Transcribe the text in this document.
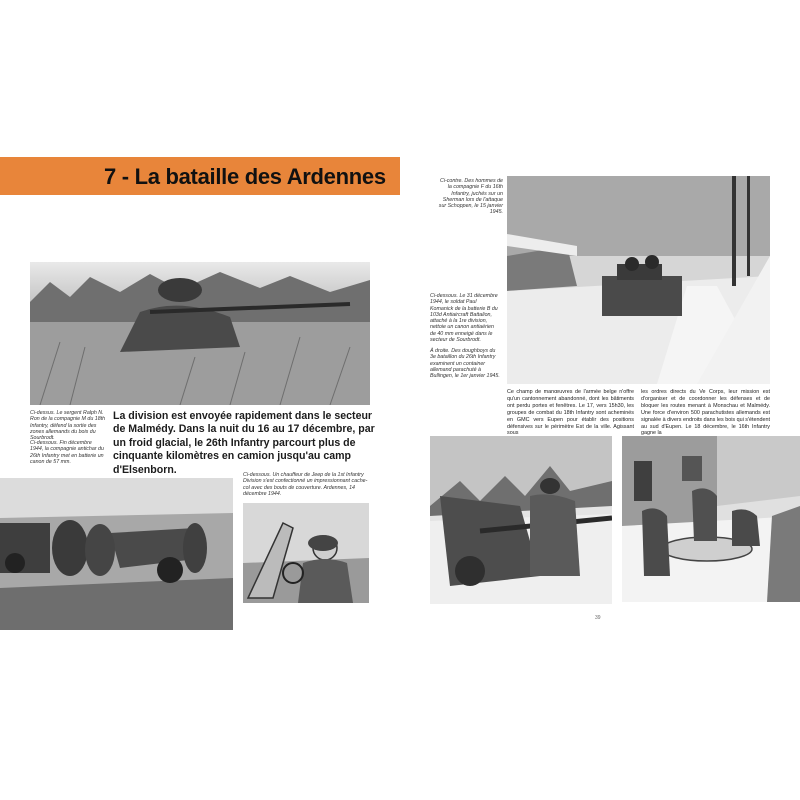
7 - La bataille des Ardennes
Ci-dessus. Le sergent Ralph N. Ron de la compagnie M du 18th Infantry, défend la sortie des zones allemands du bois du Sourbrodt.
La division est envoyée rapidement dans le secteur de Malmédy. Dans la nuit du 16 au 17 décembre, par un froid glacial, le 26th Infantry parcourt plus de cinquante kilomètres en camion jusqu'au camp d'Elsenborn.
Ci-dessous. Fin décembre 1944, la compagnie antichar du 26th Infantry met en batterie un canon de 57 mm.
Ci-dessous. Un chauffeur de Jeep de la 1st Infantry Division s'est confectionné un impressionnant cache-col avec des bouts de couverture. Ardennes, 14 décembre 1944.
Ci-contre. Des hommes de la compagnie F du 16th Infantry, juchés sur un Sherman lors de l'attaque sur Schoppen, le 15 janvier 1945.
Ci-dessous. Le 31 décembre 1944, le soldat Paul Komanick de la batterie B du 103d Antiaircraft Battalion, attaché à la 1re division, nettoie un canon antiaérien de 40 mm enneigé dans le secteur de Sourbrodt.
À droite. Des doughboys du 3e bataillon du 26th Infantry examinent un container allemand parachuté à Bullingen, le 1er janvier 1945.
Ce champ de manœuvres de l'armée belge n'offre qu'un cantonnement abandonné, dont les bâtiments ont perdu portes et fenêtres. Le 17, vers 15h30, les groupes de combat du 18th Infantry sont acheminés en GMC vers Eupen pour établir des positions défensives sur le périmètre Est de la ville. Agissant sous
les ordres directs du Ve Corps, leur mission est d'organiser et de coordonner les défenses et de bloquer les routes menant à Monschau et Malmédy. Une force d'environ 500 parachutistes allemands est signalée à divers endroits dans les bois qui s'étendent au sud d'Eupen. Le 18 décembre, le 16th Infantry gagne la
39
